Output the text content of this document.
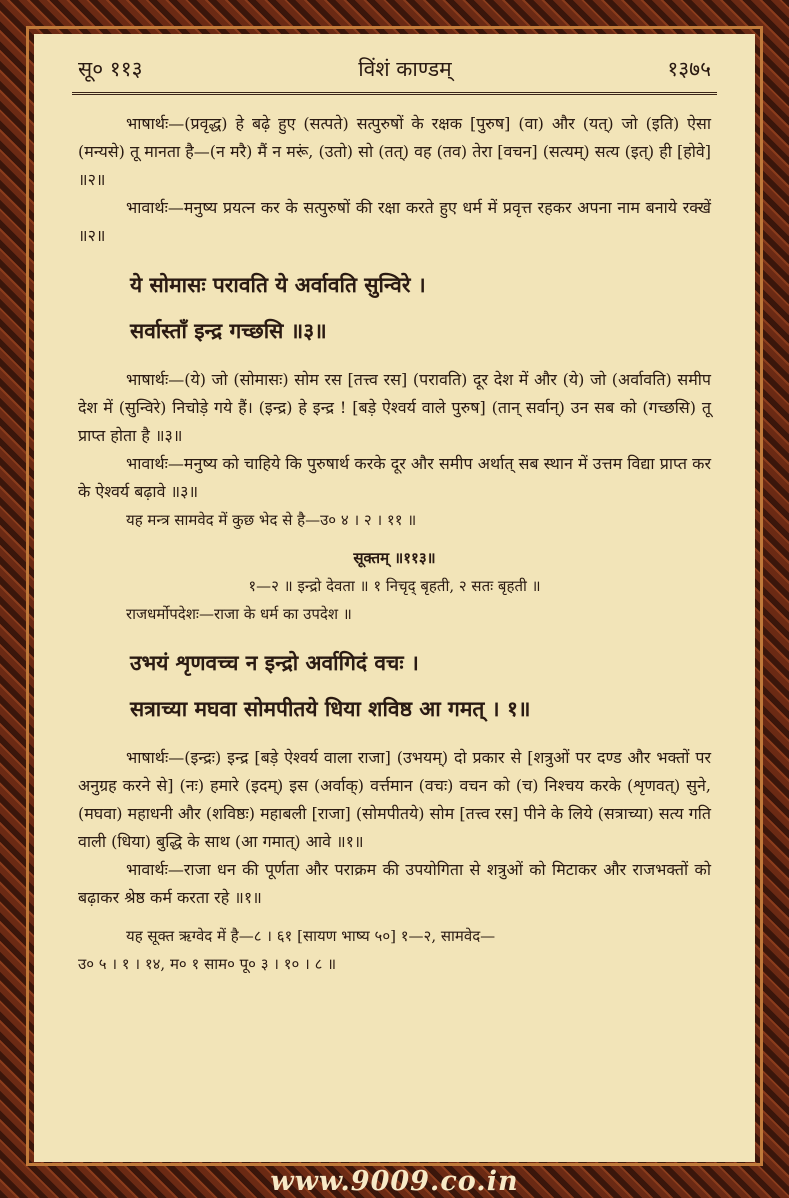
सू० ११३	विंशं काण्डम्	१३७५

भाषार्थः—(प्रवृद्ध) हे बढ़े हुए (सत्पते) सत्पुरुषों के रक्षक [पुरुष] (वा) और (यत्) जो (इति) ऐसा (मन्यसे) तू मानता है—(न मरै) मैं न मरूं, (उतो) सो (तत्) वह (तव) तेरा [वचन] (सत्यम्) सत्य (इत्) ही [होवे] ॥२॥

भावार्थः—मनुष्य प्रयत्न कर के सत्पुरुषों की रक्षा करते हुए धर्म में प्रवृत्त रहकर अपना नाम बनाये रक्खें ॥२॥

ये सोमासः परावति ये अर्वावति सुन्विरे ।
सर्वास्ताँ इन्द्र गच्छसि ॥३॥

भाषार्थः—(ये) जो (सोमासः) सोम रस [तत्त्व रस] (परावति) दूर देश में और (ये) जो (अर्वावति) समीप देश में (सुन्विरे) निचोड़े गये हैं। (इन्द्र) हे इन्द्र ! [बड़े ऐश्वर्य वाले पुरुष] (तान् सर्वान्) उन सब को (गच्छसि) तू प्राप्त होता है ॥३॥

भावार्थः—मनुष्य को चाहिये कि पुरुषार्थ करके दूर और समीप अर्थात् सब स्थान में उत्तम विद्या प्राप्त कर के ऐश्वर्य बढ़ावे ॥३॥

यह मन्त्र सामवेद में कुछ भेद से है—उ० ४ । २ । ११ ॥

सूक्तम् ॥११३॥

१—२ ॥ इन्द्रो देवता ॥ १ निचृद् बृहती, २ सतः बृहती ॥

राजधर्मोपदेशः—राजा के धर्म का उपदेश ॥

उभयं शृणवच्च न इन्द्रो अर्वागिदं वचः ।
सत्राच्या मघवा सोमपीतये धिया शविष्ठ आ गमत् । १॥

भाषार्थः—(इन्द्रः) इन्द्र [बड़े ऐश्वर्य वाला राजा] (उभयम्) दो प्रकार से [शत्रुओं पर दण्ड और भक्तों पर अनुग्रह करने से] (नः) हमारे (इदम्) इस (अर्वाक्) वर्त्तमान (वचः) वचन को (च) निश्चय करके (शृणवत्) सुने, (मघवा) महाधनी और (शविष्ठः) महाबली [राजा] (सोमपीतये) सोम [तत्त्व रस] पीने के लिये (सत्राच्या) सत्य गति वाली (धिया) बुद्धि के साथ (आ गमात्) आवे ॥१॥

भावार्थः—राजा धन की पूर्णता और पराक्रम की उपयोगिता से शत्रुओं को मिटाकर और राजभक्तों को बढ़ाकर श्रेष्ठ कर्म करता रहे ॥१॥

यह सूक्त ऋग्वेद में है—८ । ६१ [सायण भाष्य ५०] १—२, सामवेद—

उ० ५ । १ । १४, म० १ साम० पू० ३ । १० । ८ ॥

www.9009.co.in
